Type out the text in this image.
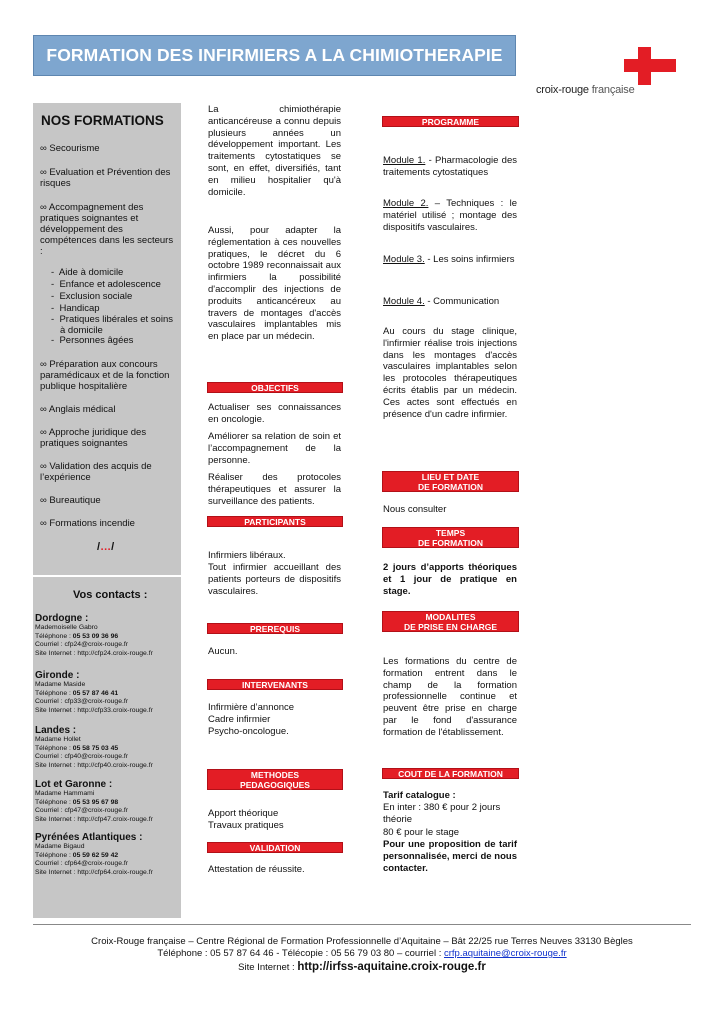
FORMATION DES INFIRMIERS A LA CHIMIOTHERAPIE
croix-rouge française
NOS FORMATIONS
∞ Secourisme
∞ Evaluation et Prévention des risques
∞ Accompagnement des pratiques soignantes et développement des compétences dans les secteurs :
-  Aide à domicile
-  Enfance et adolescence
-  Exclusion sociale
-  Handicap
-  Pratiques libérales et soins à domicile
-  Personnes âgées
∞ Préparation aux concours paramédicaux et de la fonction publique hospitalière
∞ Anglais médical
∞ Approche juridique des pratiques soignantes
∞ Validation des acquis de l’expérience
∞ Bureautique
∞ Formations incendie
/…/
Vos contacts :
Dordogne :
Mademoiselle Gabro
Téléphone : 05 53 09 36 96
Courriel : cfp24@croix-rouge.fr
Site Internet : http://cfp24.croix-rouge.fr
Gironde :
Madame Maside
Téléphone : 05 57 87 46 41
Courriel : cfp33@croix-rouge.fr
Site Internet : http://cfp33.croix-rouge.fr
Landes :
Madame Hollet
Téléphone : 05 58 75 03 45
Courriel : cfp40@croix-rouge.fr
Site Internet : http://cfp40.croix-rouge.fr
Lot et Garonne :
Madame Hammami
Téléphone : 05 53 95 67 98
Courriel : cfp47@croix-rouge.fr
Site Internet : http://cfp47.croix-rouge.fr
Pyrénées Atlantiques :
Madame Bigaud
Téléphone : 05 59 62 59 42
Courriel : cfp64@croix-rouge.fr
Site Internet : http://cfp64.croix-rouge.fr
La chimiothérapie anticancéreuse a connu depuis plusieurs années un développement important. Les traitements cytostatiques se sont, en effet, diversifiés, tant en milieu hospitalier qu'à domicile.
Aussi, pour adapter la réglementation à ces nouvelles pratiques, le décret du 6 octobre 1989 reconnaissait aux infirmiers la possibilité d'accomplir des injections de produits anticancéreux au travers de montages d'accès vasculaires implantables mis en place par un médecin.
OBJECTIFS
Actualiser ses connaissances en oncologie.
Améliorer sa relation de soin et l’accompagnement de la personne.
Réaliser des protocoles thérapeutiques et assurer la surveillance des patients.
PARTICIPANTS
Infirmiers libéraux.
Tout infirmier accueillant des patients porteurs de dispositifs vasculaires.
PREREQUIS
Aucun.
INTERVENANTS
Infirmière d’annonce
Cadre infirmier
Psycho-oncologue.
METHODES
PEDAGOGIQUES
Apport théorique
Travaux pratiques
VALIDATION
Attestation de réussite.
PROGRAMME
Module 1. - Pharmacologie des traitements cytostatiques
Module 2. – Techniques : le matériel utilisé ; montage des dispositifs vasculaires.
Module 3. - Les soins infirmiers
Module 4. - Communication
Au cours du stage clinique, l'infirmier réalise trois injections dans les montages d'accès vasculaires implantables selon les protocoles thérapeutiques écrits établis par un médecin. Ces actes sont effectués en présence d'un cadre infirmier.
LIEU ET DATE
DE FORMATION
Nous consulter
TEMPS
DE FORMATION
2 jours d’apports théoriques et 1 jour de pratique en stage.
MODALITES
DE PRISE EN CHARGE
Les formations du centre de formation entrent dans le champ de la formation professionnelle continue et peuvent être prise en charge par le fond d'assurance formation de l'établissement.
COUT DE LA FORMATION
Tarif catalogue :
En inter : 380 € pour 2 jours théorie
80 € pour le stage
Pour une proposition de tarif personnalisée, merci de nous contacter.
Croix-Rouge française – Centre Régional de Formation Professionnelle d’Aquitaine – Bât 22/25 rue Terres Neuves 33130 Bègles
Téléphone : 05 57 87 64 46 - Télécopie : 05 56 79 03 80 – courriel : crfp.aquitaine@croix-rouge.fr
Site Internet : http://irfss-aquitaine.croix-rouge.fr
